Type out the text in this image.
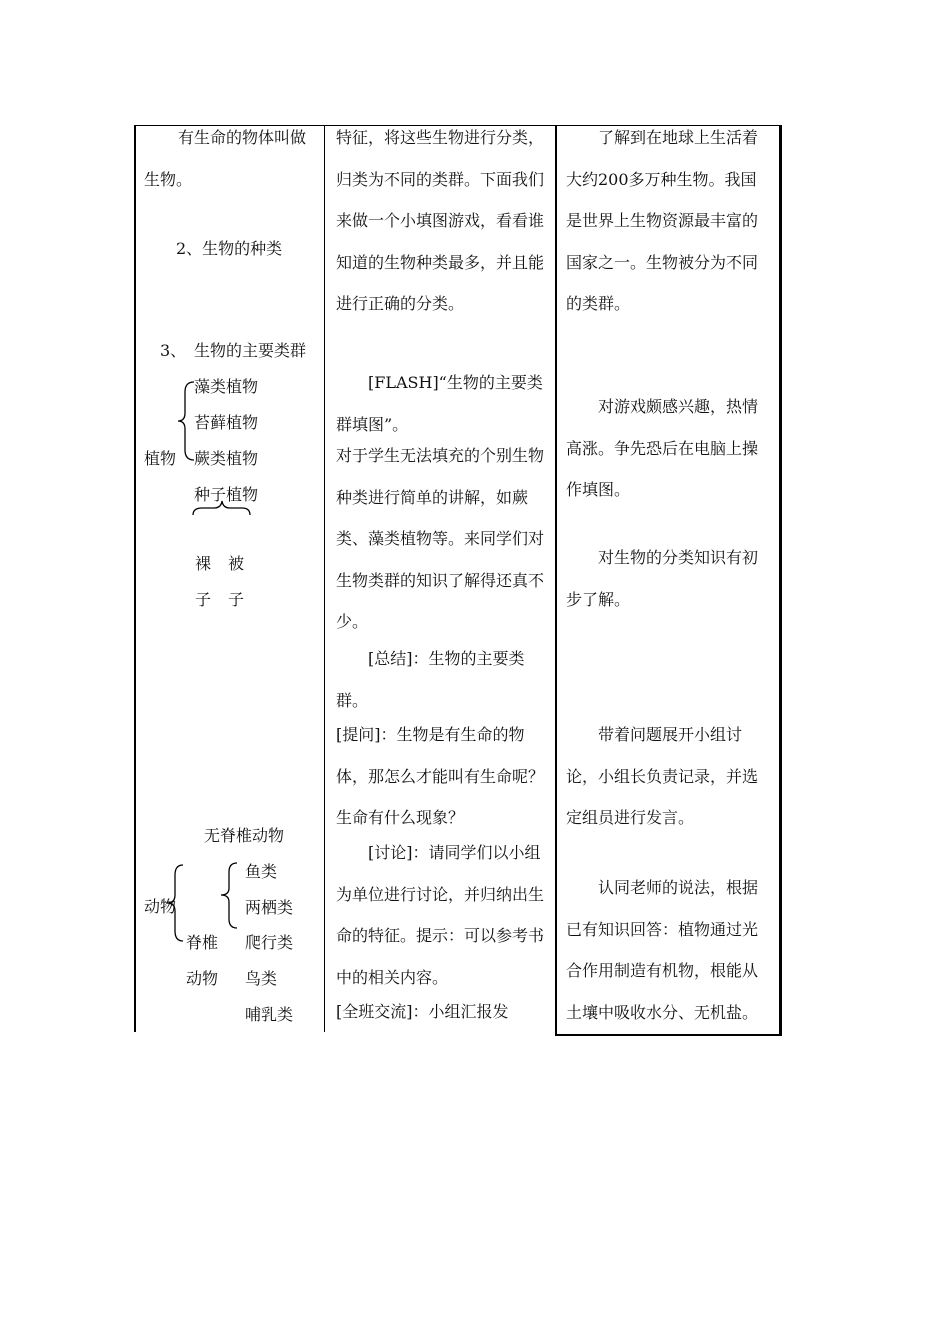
有生命的物体叫做
生物。
2、生物的种类
3、 生物的主要类群
植物
藻类植物
苔藓植物
蕨类植物
种子植物
裸
子
被
子
无脊椎动物
动物
脊椎
动物
鱼类
两栖类
爬行类
鸟类
哺乳类

特征，将这些生物进行分类，归类为不同的类群。下面我们来做一个小填图游戏，看看谁知道的生物种类最多，并且能进行正确的分类。

[FLASH]“生物的主要类群填图”。

对于学生无法填充的个别生物种类进行简单的讲解，如蕨类、藻类植物等。来同学们对生物类群的知识了解得还真不少。

[总结]：生物的主要类群。

[提问]：生物是有生命的物体，那怎么才能叫有生命呢？生命有什么现象？

[讨论]：请同学们以小组为单位进行讨论，并归纳出生命的特征。提示：可以参考书中的相关内容。

[全班交流]：小组汇报发

了解到在地球上生活着大约200多万种生物。我国是世界上生物资源最丰富的国家之一。生物被分为不同的类群。

对游戏颇感兴趣，热情高涨。争先恐后在电脑上操作填图。

对生物的分类知识有初步了解。

带着问题展开小组讨论，小组长负责记录，并选定组员进行发言。

认同老师的说法，根据已有知识回答：植物通过光合作用制造有机物，根能从土壤中吸收水分、无机盐。
